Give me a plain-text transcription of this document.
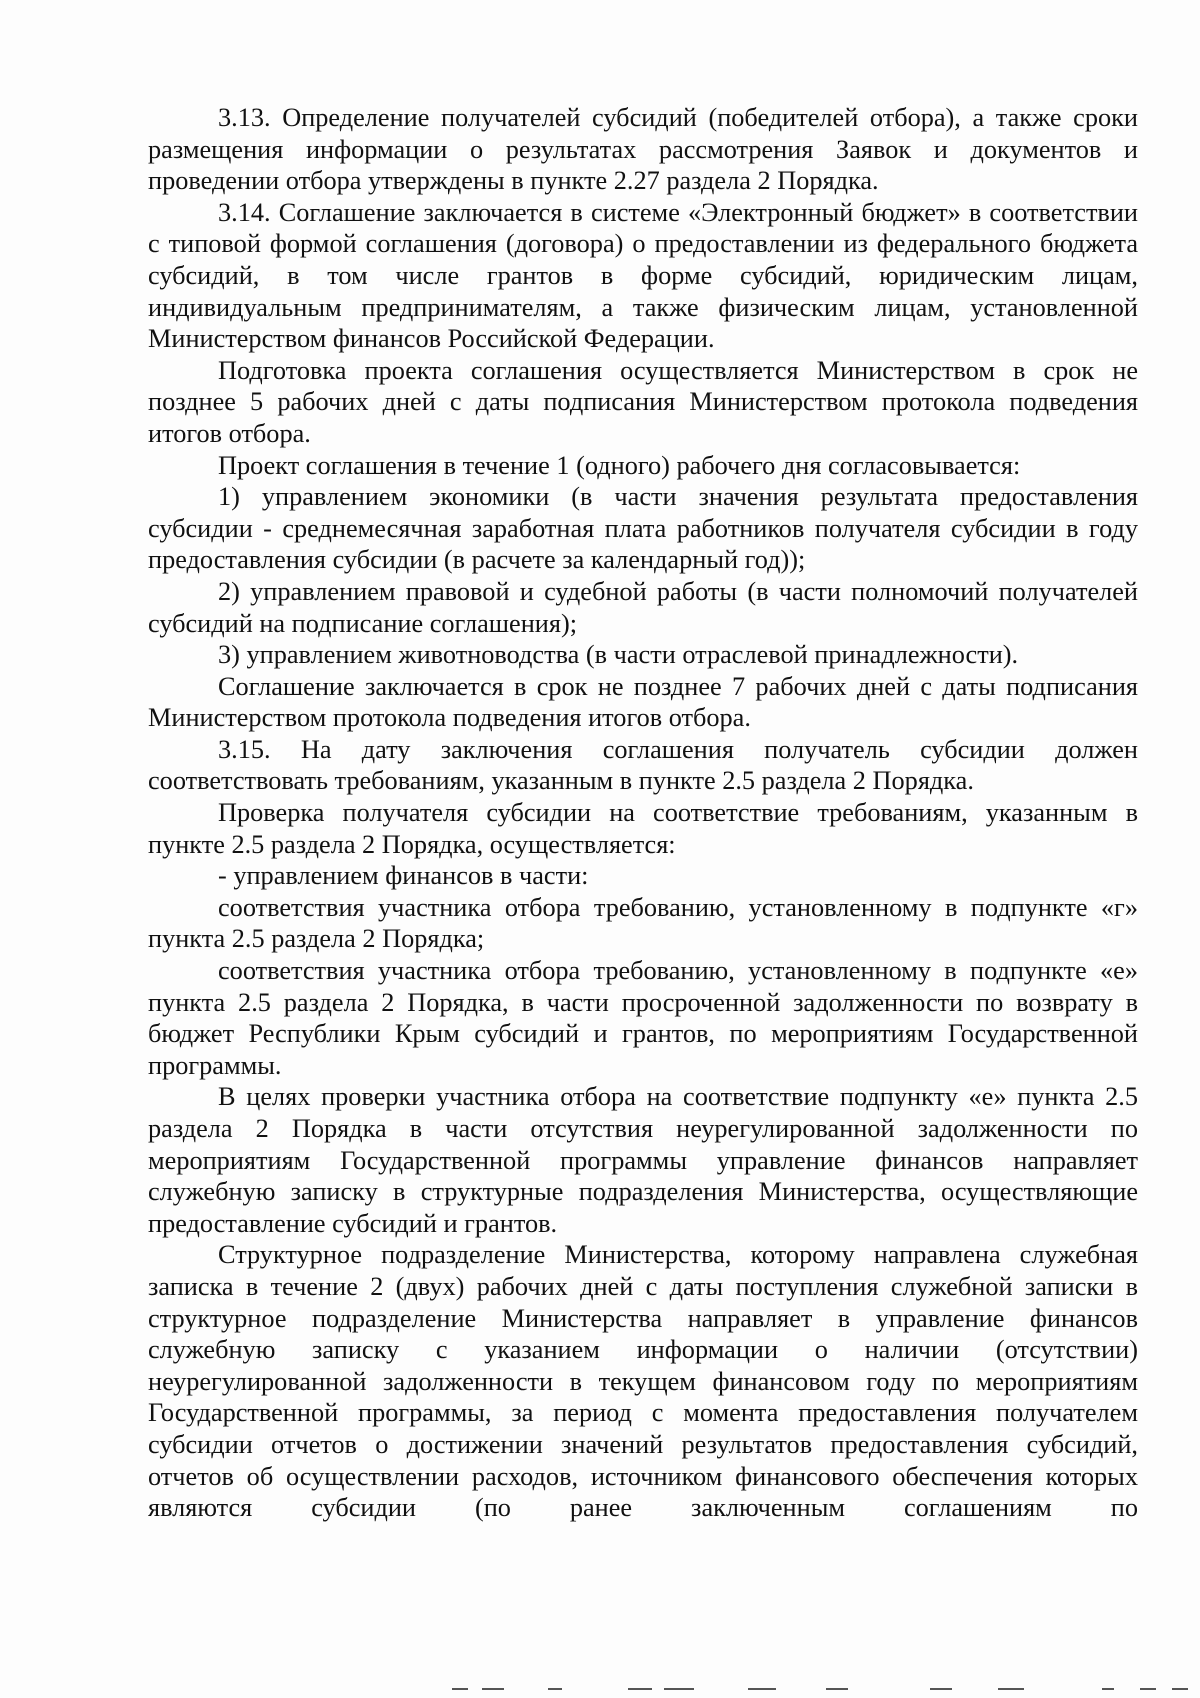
3.13. Определение получателей субсидий (победителей отбора), а также сроки размещения информации о результатах рассмотрения Заявок и документов и проведении отбора утверждены в пункте 2.27 раздела 2 Порядка.

3.14. Соглашение заключается в системе «Электронный бюджет» в соответствии с типовой формой соглашения (договора) о предоставлении из федерального бюджета субсидий, в том числе грантов в форме субсидий, юридическим лицам, индивидуальным предпринимателям, а также физическим лицам, установленной Министерством финансов Российской Федерации.

Подготовка проекта соглашения осуществляется Министерством в срок не позднее 5 рабочих дней с даты подписания Министерством протокола подведения итогов отбора.

Проект соглашения в течение 1 (одного) рабочего дня согласовывается:

1) управлением экономики (в части значения результата предоставления субсидии - среднемесячная заработная плата работников получателя субсидии в году предоставления субсидии (в расчете за календарный год));

2) управлением правовой и судебной работы (в части полномочий получателей субсидий на подписание соглашения);

3) управлением животноводства (в части отраслевой принадлежности).

Соглашение заключается в срок не позднее 7 рабочих дней с даты подписания Министерством протокола подведения итогов отбора.

3.15. На дату заключения соглашения получатель субсидии должен соответствовать требованиям, указанным в пункте 2.5 раздела 2 Порядка.

Проверка получателя субсидии на соответствие требованиям, указанным в пункте 2.5 раздела 2 Порядка, осуществляется:

- управлением финансов в части:

соответствия участника отбора требованию, установленному в подпункте «г» пункта 2.5 раздела 2 Порядка;

соответствия участника отбора требованию, установленному в подпункте «е» пункта 2.5 раздела 2 Порядка, в части просроченной задолженности по возврату в бюджет Республики Крым субсидий и грантов, по мероприятиям Государственной программы.

В целях проверки участника отбора на соответствие подпункту «е» пункта 2.5 раздела 2 Порядка в части отсутствия неурегулированной задолженности по мероприятиям Государственной программы управление финансов направляет служебную записку в структурные подразделения Министерства, осуществляющие предоставление субсидий и грантов.

Структурное подразделение Министерства, которому направлена служебная записка в течение 2 (двух) рабочих дней с даты поступления служебной записки в структурное подразделение Министерства направляет в управление финансов служебную записку с указанием информации о наличии (отсутствии) неурегулированной задолженности в текущем финансовом году по мероприятиям Государственной программы, за период с момента предоставления получателем субсидии отчетов о достижении значений результатов предоставления субсидий, отчетов об осуществлении расходов, источником финансового обеспечения которых являются субсидии (по ранее заключенным соглашениям по
